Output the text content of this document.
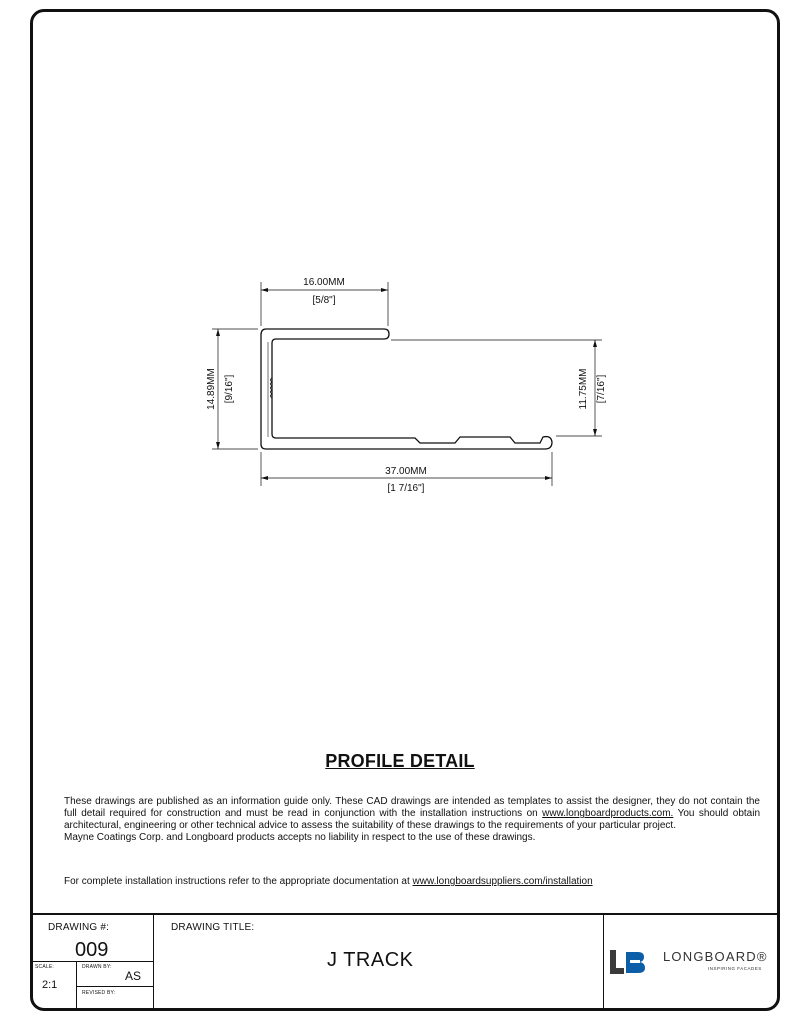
16.00MM
[5/8"]
14.89MM [9/16"]	11.75MM [7/16"]
37.00MM
[1 7/16"]
PROFILE DETAIL

These drawings are published as an information guide only. These CAD drawings are intended as templates to assist the designer, they do not contain the full detail required for construction and must be read in conjunction with the installation instructions on www.longboardproducts.com. You should obtain architectural, engineering or other technical advice to assess the suitability of these drawings to the requirements of your particular project.

Mayne Coatings Corp. and Longboard products accepts no liability in respect to the use of these drawings.

For complete installation instructions refer to the appropriate documentation at www.longboardsuppliers.com/installation
DRAWING #:
009
SCALE:
2:1
DRAWN BY:
AS
REVISED BY:
DRAWING TITLE:
J TRACK	LONGBOARD®
INSPIRING FACADES
